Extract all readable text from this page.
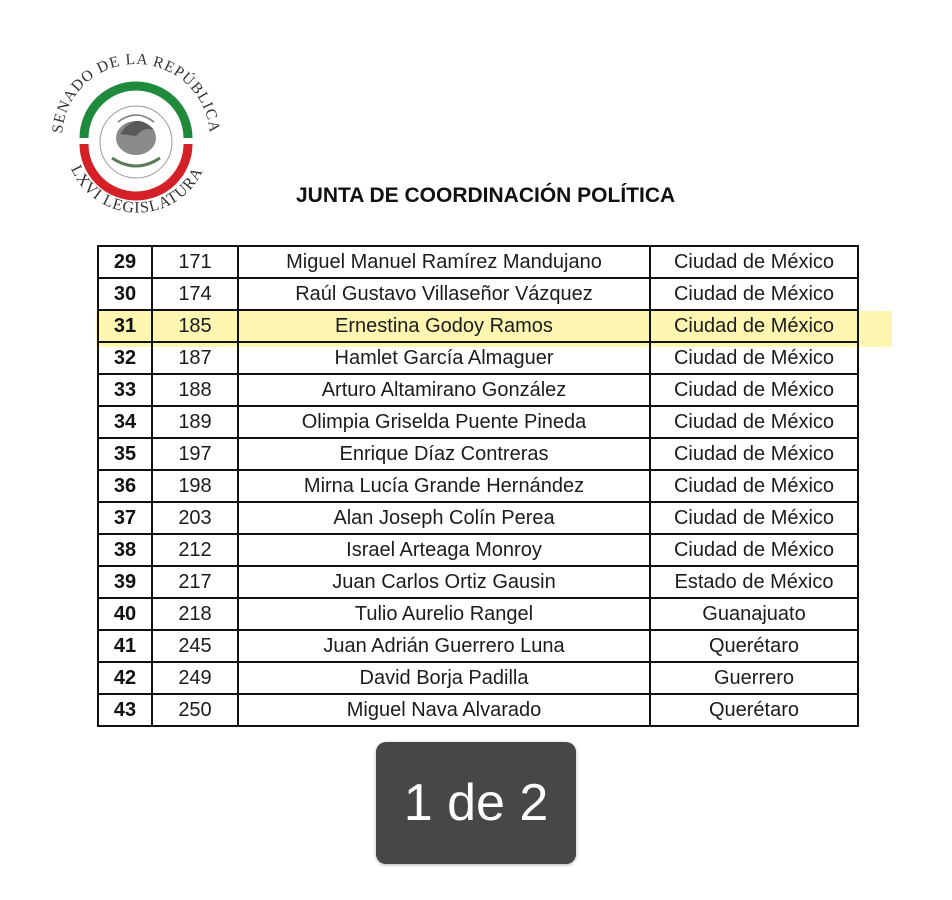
SENADO DE LA REPÚBLICA
LXVI LEGISLATURA
JUNTA DE COORDINACIÓN POLÍTICA
29	171	Miguel Manuel Ramírez Mandujano	Ciudad de México
30	174	Raúl Gustavo Villaseñor Vázquez	Ciudad de México
31	185	Ernestina Godoy Ramos	Ciudad de México
32	187	Hamlet García Almaguer	Ciudad de México
33	188	Arturo Altamirano González	Ciudad de México
34	189	Olimpia Griselda Puente Pineda	Ciudad de México
35	197	Enrique Díaz Contreras	Ciudad de México
36	198	Mirna Lucía Grande Hernández	Ciudad de México
37	203	Alan Joseph Colín Perea	Ciudad de México
38	212	Israel Arteaga Monroy	Ciudad de México
39	217	Juan Carlos Ortiz Gausin	Estado de México
40	218	Tulio Aurelio Rangel	Guanajuato
41	245	Juan Adrián Guerrero Luna	Querétaro
42	249	David Borja Padilla	Guerrero
43	250	Miguel Nava Alvarado	Querétaro
1 de 2
